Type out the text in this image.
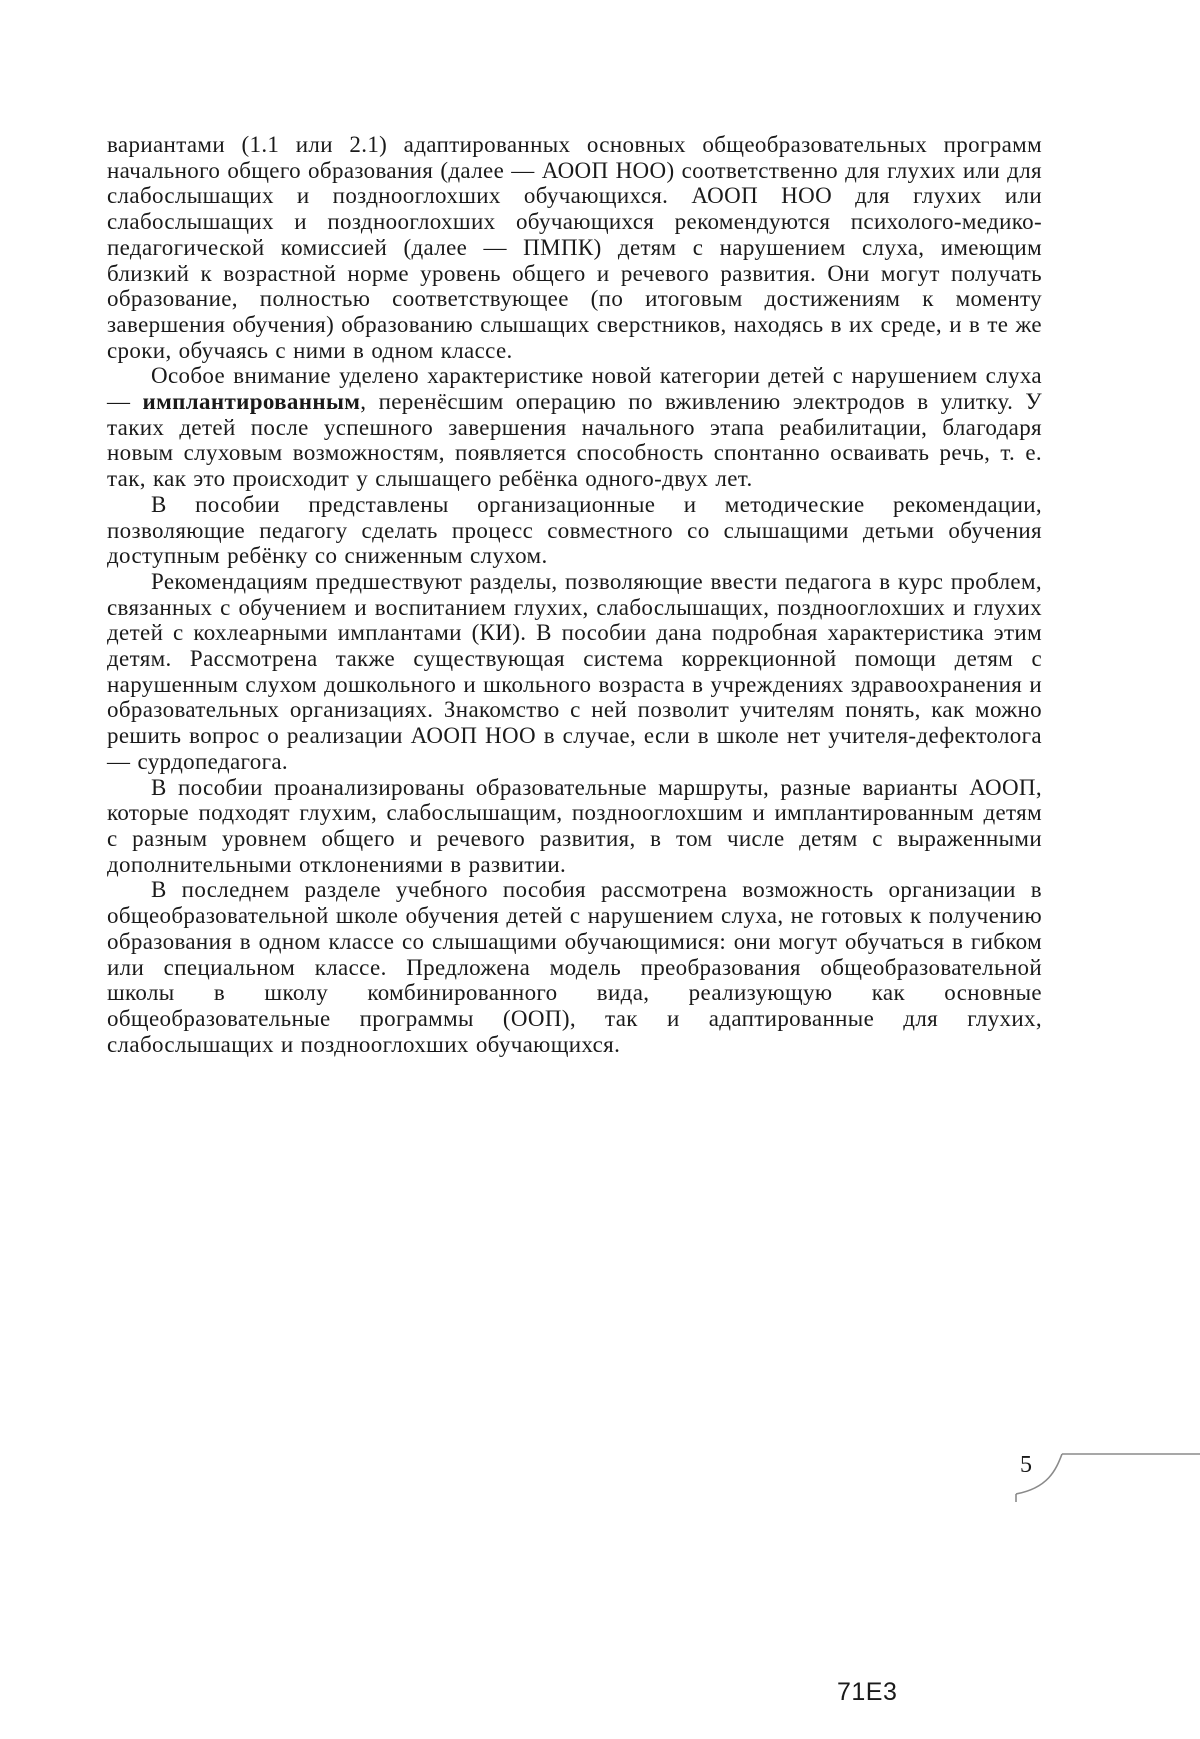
вариантами (1.1 или 2.1) адаптированных основных общеобразовательных программ начального общего образования (далее — АООП НОО) соответственно для глухих или для слабослышащих и позднооглохших обучающихся. АООП НОО для глухих или слабослышащих и позднооглохших обучающихся рекомендуются психолого-медико-педагогической комиссией (далее — ПМПК) детям с нарушением слуха, имеющим близкий к возрастной норме уровень общего и речевого развития. Они могут получать образование, полностью соответствующее (по итоговым достижениям к моменту завершения обучения) образованию слышащих сверстников, находясь в их среде, и в те же сроки, обучаясь с ними в одном классе.

Особое внимание уделено характеристике новой категории детей с нарушением слуха — имплантированным, перенёсшим операцию по вживлению электродов в улитку. У таких детей после успешного завершения начального этапа реабилитации, благодаря новым слуховым возможностям, появляется способность спонтанно осваивать речь, т. е. так, как это происходит у слышащего ребёнка одного-двух лет.

В пособии представлены организационные и методические рекомендации, позволяющие педагогу сделать процесс совместного со слышащими детьми обучения доступным ребёнку со сниженным слухом.

Рекомендациям предшествуют разделы, позволяющие ввести педагога в курс проблем, связанных с обучением и воспитанием глухих, слабослышащих, позднооглохших и глухих детей с кохлеарными имплантами (КИ). В пособии дана подробная характеристика этим детям. Рассмотрена также существующая система коррекционной помощи детям с нарушенным слухом дошкольного и школьного возраста в учреждениях здравоохранения и образовательных организациях. Знакомство с ней позволит учителям понять, как можно решить вопрос о реализации АООП НОО в случае, если в школе нет учителя-дефектолога — сурдопедагога.

В пособии проанализированы образовательные маршруты, разные варианты АООП, которые подходят глухим, слабослышащим, позднооглохшим и имплантированным детям с разным уровнем общего и речевого развития, в том числе детям с выраженными дополнительными отклонениями в развитии.

В последнем разделе учебного пособия рассмотрена возможность организации в общеобразовательной школе обучения детей с нарушением слуха, не готовых к получению образования в одном классе со слышащими обучающимися: они могут обучаться в гибком или специальном классе. Предложена модель преобразования общеобразовательной школы в школу комбинированного вида, реализующую как основные общеобразовательные программы (ООП), так и адаптированные для глухих, слабослышащих и позднооглохших обучающихся.

5
71E3
